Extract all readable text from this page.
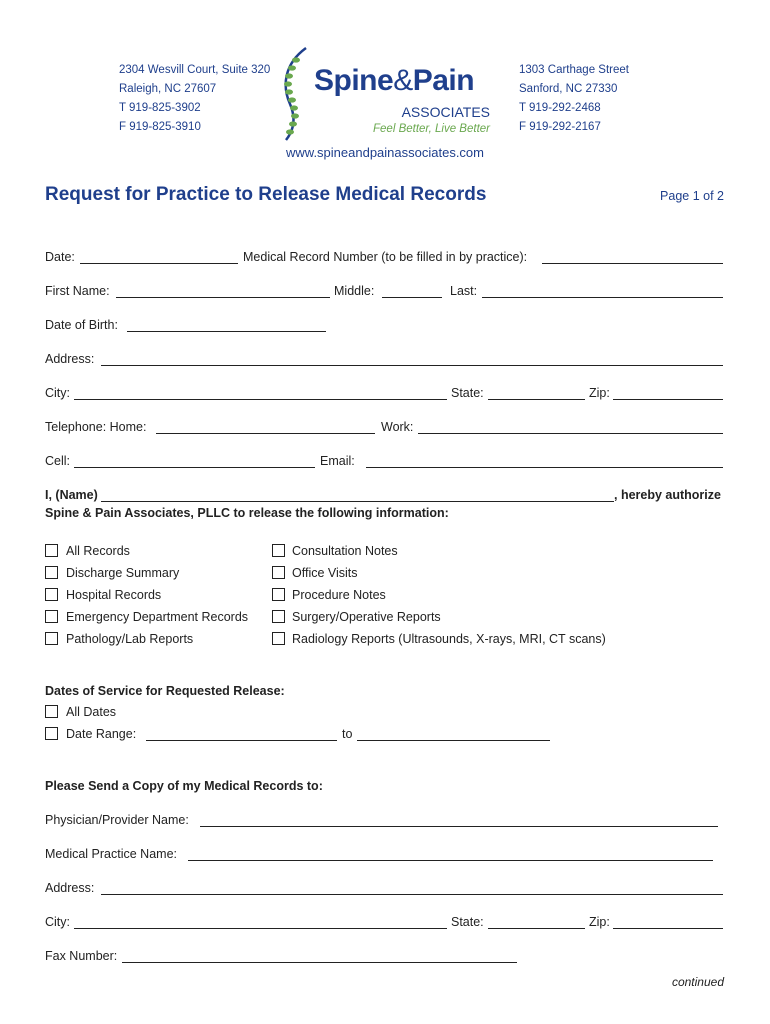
2304 Wesvill Court, Suite 320
Raleigh, NC 27607
T 919-825-3902
F 919-825-3910
Spine&Pain
ASSOCIATES
Feel Better, Live Better
1303 Carthage Street
Sanford, NC 27330
T 919-292-2468
F 919-292-2167
www.spineandpainassociates.com
Request for Practice to Release Medical Records	Page 1 of 2
Date:	Medical Record Number (to be filled in by practice):
First Name:	Middle:	Last:
Date of Birth:
Address:
City:	State:	Zip:
Telephone: Home:	Work:
Cell:	Email:
I, (Name)	, hereby authorize
Spine & Pain Associates, PLLC to release the following information:
All Records
Discharge Summary
Hospital Records
Emergency Department Records
Pathology/Lab Reports
Consultation Notes
Office Visits
Procedure Notes
Surgery/Operative Reports
Radiology Reports (Ultrasounds, X-rays, MRI, CT scans)
Dates of Service for Requested Release:
All Dates
Date Range:	to
Please Send a Copy of my Medical Records to:
Physician/Provider Name:
Medical Practice Name:
Address:
City:	State:	Zip:
Fax Number:
continued
